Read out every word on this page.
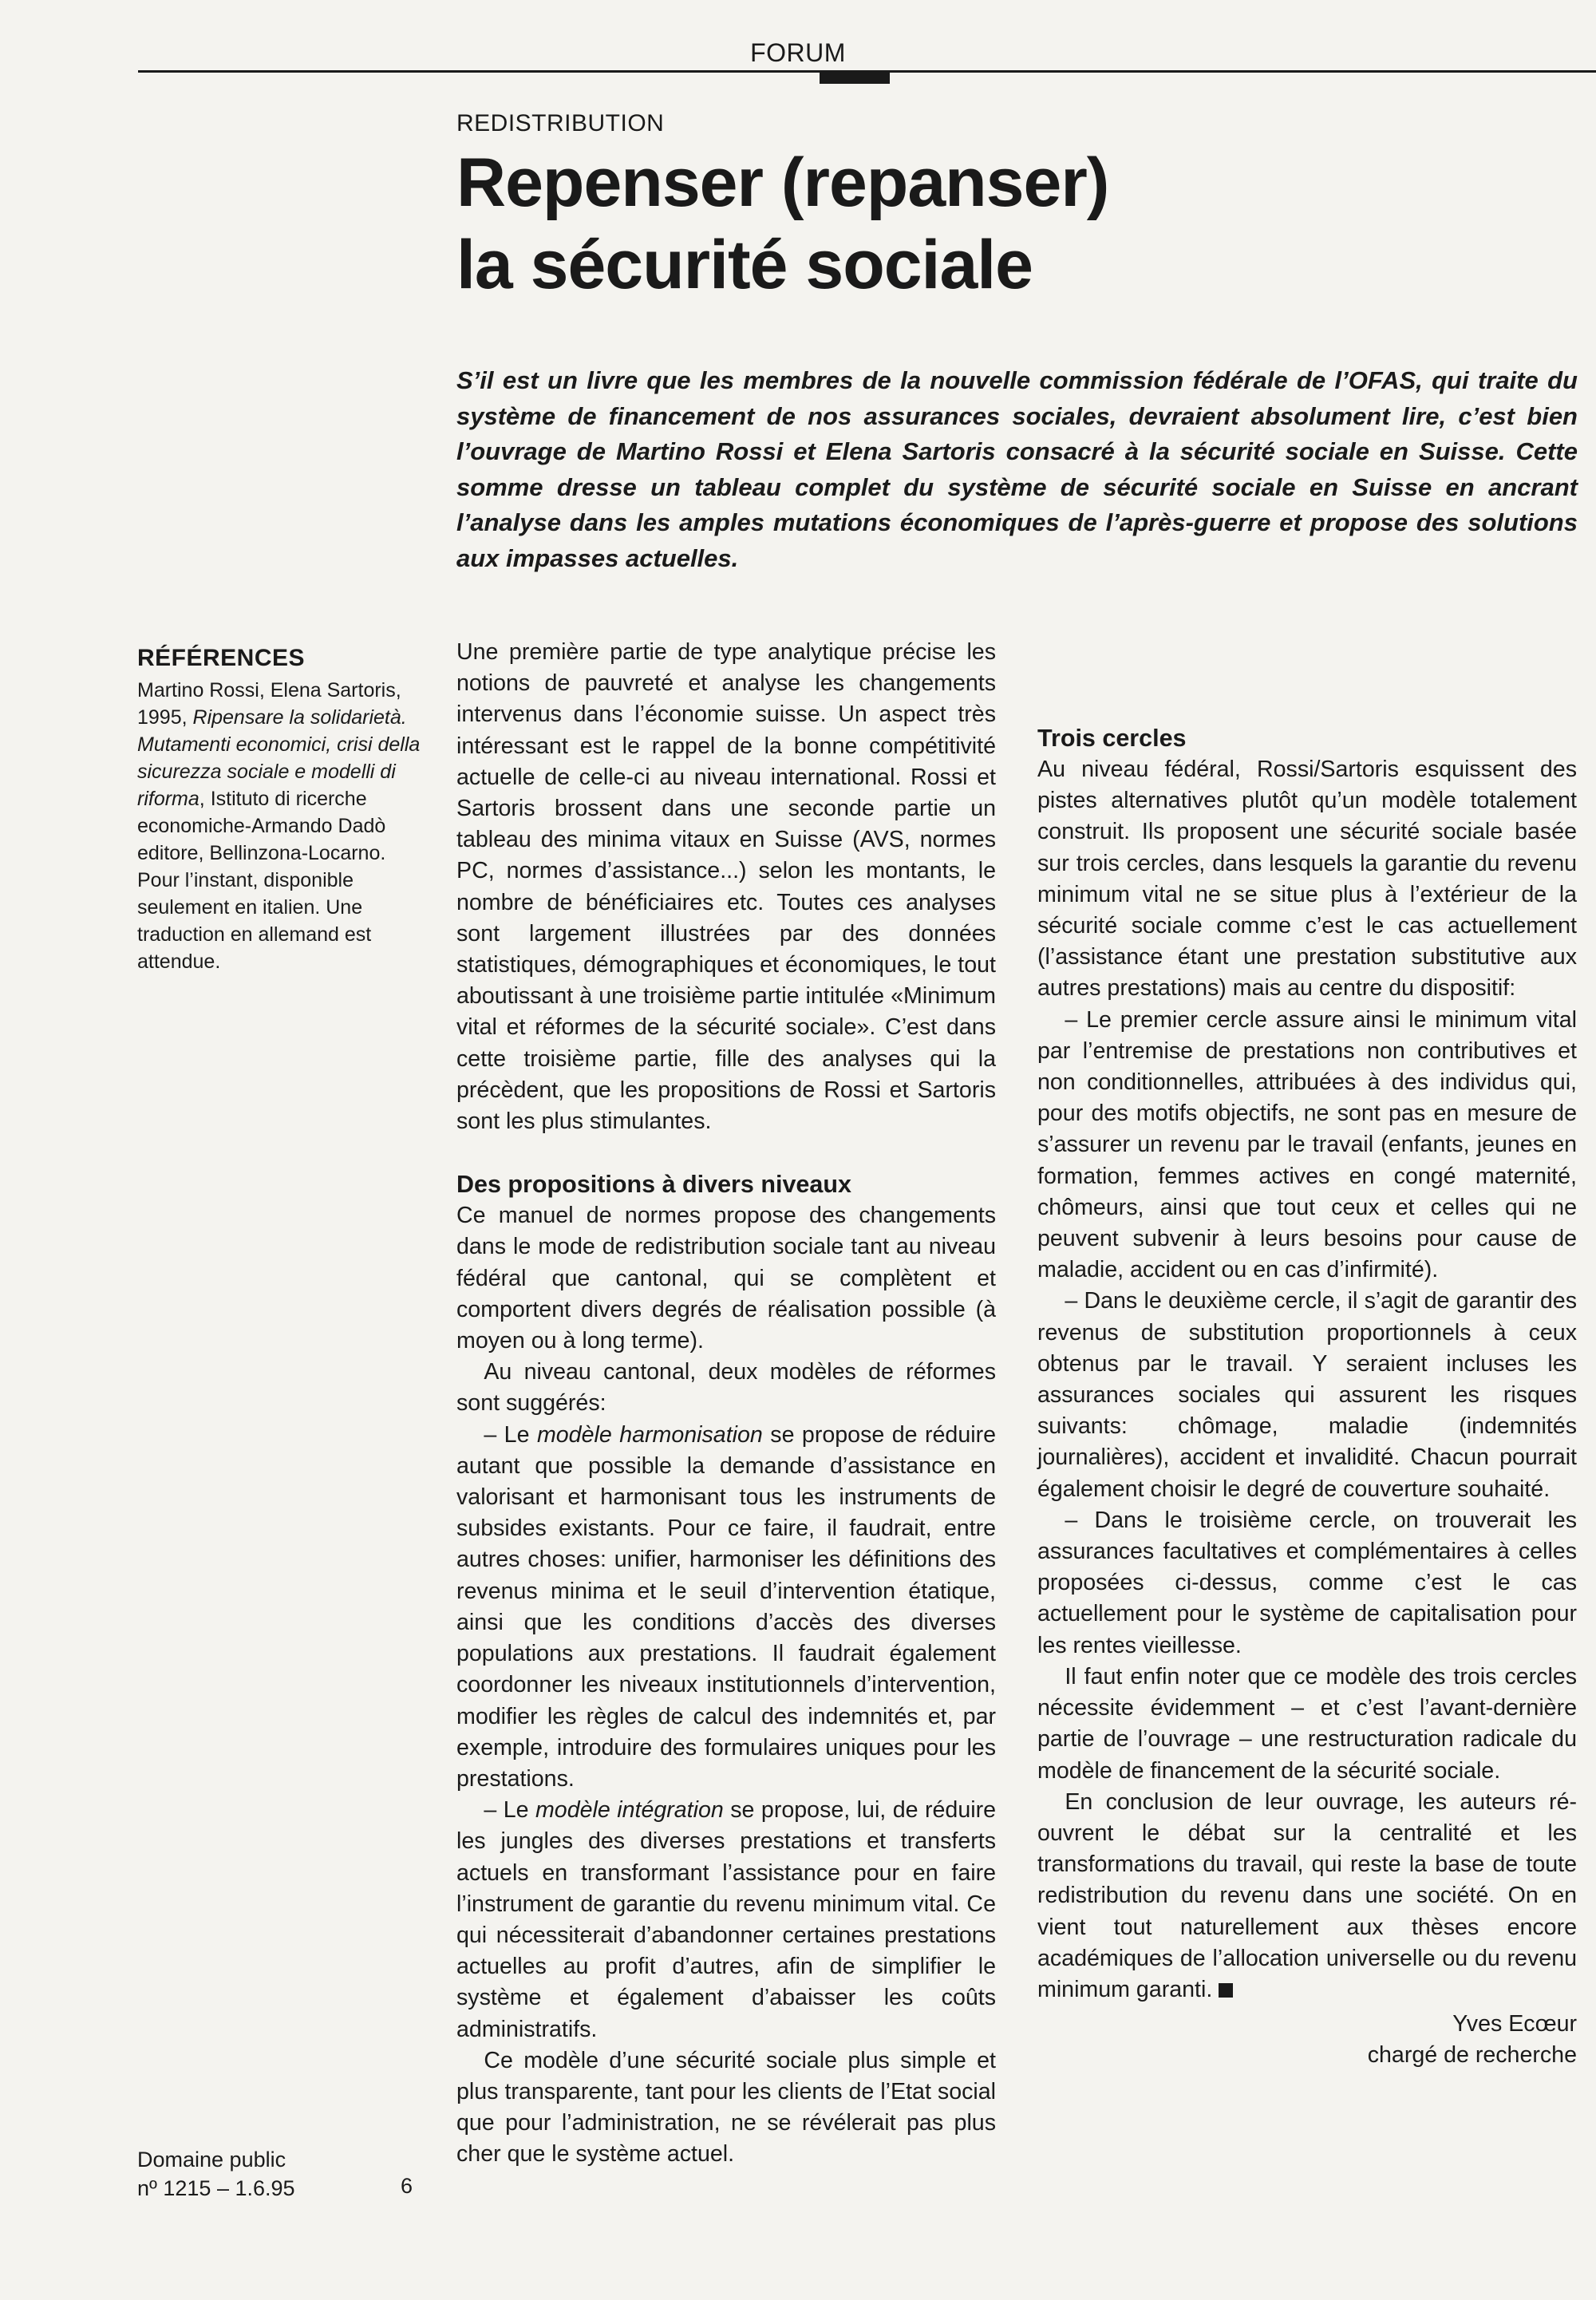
FORUM
REDISTRIBUTION
Repenser (repanser)
la sécurité sociale

S’il est un livre que les membres de la nouvelle commission fédérale de l’OFAS, qui traite du système de financement de nos assurances sociales, devraient absolument lire, c’est bien l’ouvrage de Martino Rossi et Elena Sartoris consacré à la sécurité sociale en Suisse. Cette somme dresse un tableau complet du système de sécurité sociale en Suisse en ancrant l’analyse dans les amples mutations économiques de l’après-guerre et propose des solutions aux impasses actuelles.

RÉFÉRENCES
Martino Rossi, Elena Sartoris, 1995, Ripensare la solidarietà. Mutamenti economici, crisi della sicurezza sociale e modelli di riforma, Istituto di ricerche economiche-Armando Dadò editore, Bellinzona-Locarno. Pour l’instant, disponible seulement en italien. Une traduction en allemand est attendue.

Une première partie de type analytique précise les notions de pauvreté et analyse les changements intervenus dans l’économie suisse. Un aspect très intéressant est le rappel de la bonne compétitivité actuelle de celle-ci au niveau international. Rossi et Sartoris brossent dans une seconde partie un tableau des minima vitaux en Suisse (AVS, normes PC, normes d’assistance...) selon les montants, le nombre de bénéficiaires etc. Toutes ces analyses sont largement illustrées par des données statistiques, démographiques et économiques, le tout aboutissant à une troisième partie intitulée «Minimum vital et réformes de la sécurité sociale». C’est dans cette troisième partie, fille des analyses qui la précèdent, que les propositions de Rossi et Sartoris sont les plus stimulantes.

Des propositions à divers niveaux

Ce manuel de normes propose des changements dans le mode de redistribution sociale tant au niveau fédéral que cantonal, qui se complètent et comportent divers degrés de réalisation possible (à moyen ou à long terme).

Au niveau cantonal, deux modèles de réformes sont suggérés:

– Le modèle harmonisation se propose de réduire autant que possible la demande d’assistance en valorisant et harmonisant tous les instruments de subsides existants. Pour ce faire, il faudrait, entre autres choses: unifier, harmoniser les définitions des revenus minima et le seuil d’intervention étatique, ainsi que les conditions d’accès des diverses populations aux prestations. Il faudrait également coordonner les niveaux institutionnels d’intervention, modifier les règles de calcul des indemnités et, par exemple, introduire des formulaires uniques pour les prestations.

– Le modèle intégration se propose, lui, de réduire les jungles des diverses prestations et transferts actuels en transformant l’assistance pour en faire l’instrument de garantie du revenu minimum vital. Ce qui nécessiterait d’abandonner certaines prestations actuelles au profit d’autres, afin de simplifier le système et également d’abaisser les coûts administratifs.

Ce modèle d’une sécurité sociale plus simple et plus transparente, tant pour les clients de l’Etat social que pour l’administration, ne se révélerait pas plus cher que le système actuel.

Trois cercles

Au niveau fédéral, Rossi/Sartoris esquissent des pistes alternatives plutôt qu’un modèle totalement construit. Ils proposent une sécurité sociale basée sur trois cercles, dans lesquels la garantie du revenu minimum vital ne se situe plus à l’extérieur de la sécurité sociale comme c’est le cas actuellement (l’assistance étant une prestation substitutive aux autres prestations) mais au centre du dispositif:

– Le premier cercle assure ainsi le minimum vital par l’entremise de prestations non contributives et non conditionnelles, attribuées à des individus qui, pour des motifs objectifs, ne sont pas en mesure de s’assurer un revenu par le travail (enfants, jeunes en formation, femmes actives en congé maternité, chômeurs, ainsi que tout ceux et celles qui ne peuvent subvenir à leurs besoins pour cause de maladie, accident ou en cas d’infirmité).

– Dans le deuxième cercle, il s’agit de garantir des revenus de substitution proportionnels à ceux obtenus par le travail. Y seraient incluses les assurances sociales qui assurent les risques suivants: chômage, maladie (indemnités journalières), accident et invalidité. Chacun pourrait également choisir le degré de couverture souhaité.

– Dans le troisième cercle, on trouverait les assurances facultatives et complémentaires à celles proposées ci-dessus, comme c’est le cas actuellement pour le système de capitalisation pour les rentes vieillesse.

Il faut enfin noter que ce modèle des trois cercles nécessite évidemment – et c’est l’avant-dernière partie de l’ouvrage – une restructuration radicale du modèle de financement de la sécurité sociale.

En conclusion de leur ouvrage, les auteurs ré-ouvrent le débat sur la centralité et les transformations du travail, qui reste la base de toute redistribution du revenu dans une société. On en vient tout naturellement aux thèses encore académiques de l’allocation universelle ou du revenu minimum garanti.

Yves Ecœur
chargé de recherche
Domaine public
nº 1215 – 1.6.95	6
